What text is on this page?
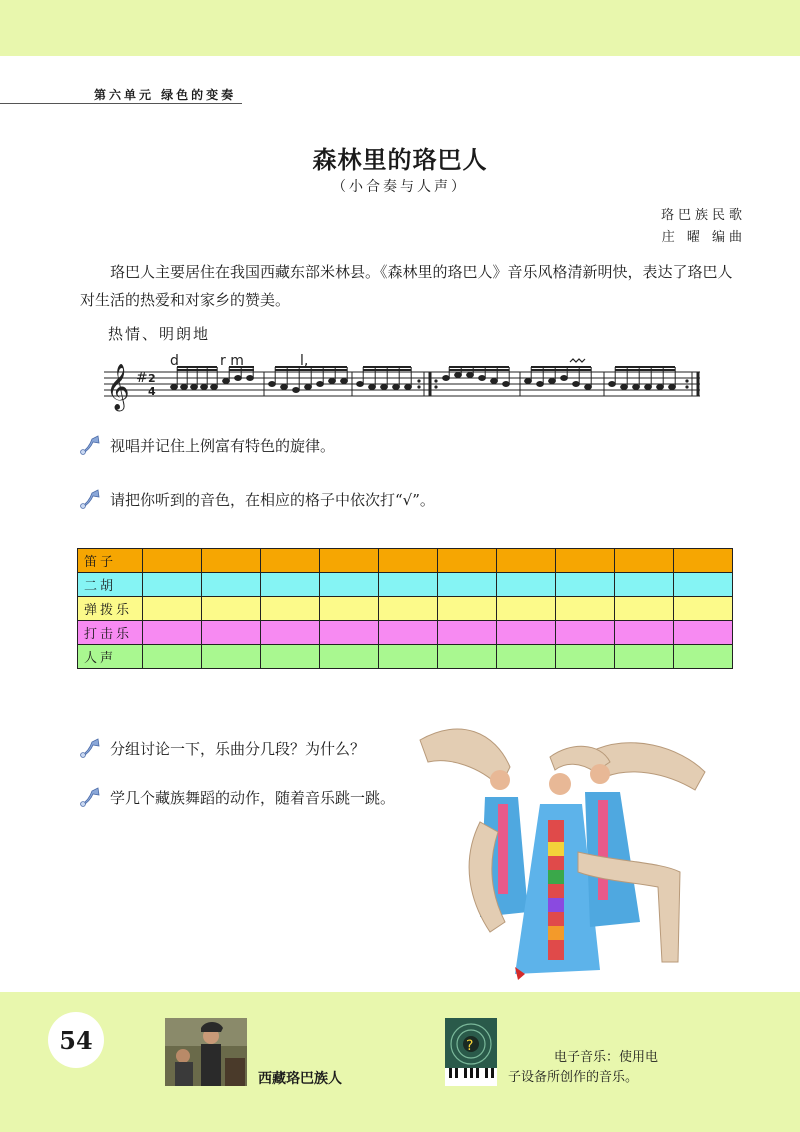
第六单元 绿色的变奏
森林里的珞巴人
（小合奏与人声）
珞巴族民歌
庄 曜 编曲
珞巴人主要居住在我国西藏东部米林县。《森林里的珞巴人》音乐风格清新明快，表达了珞巴人对生活的热爱和对家乡的赞美。
热情、明朗地
𝄞 # 2
4
d	r m	l,
视唱并记住上例富有特色的旋律。
请把你听到的音色，在相应的格子中依次打“√”。
笛子										
二胡										
弹拨乐										
打击乐										
人声										
分组讨论一下，乐曲分几段？为什么？
学几个藏族舞蹈的动作，随着音乐跳一跳。
54
西藏珞巴族人
?
电子音乐：使用电
子设备所创作的音乐。
